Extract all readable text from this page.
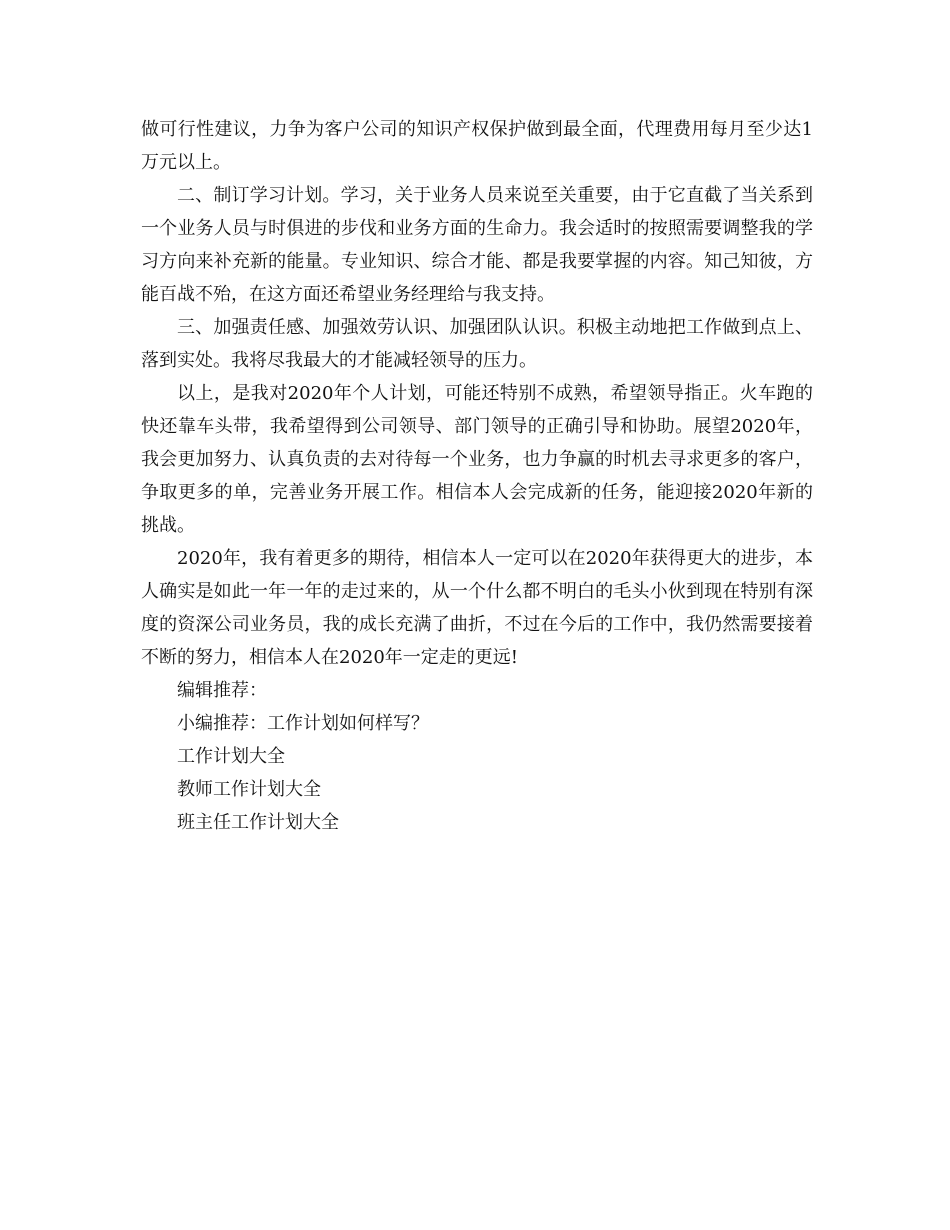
做可行性建议，力争为客户公司的知识产权保护做到最全面，代理费用每月至少达1万元以上。

二、制订学习计划。学习，关于业务人员来说至关重要，由于它直截了当关系到一个业务人员与时俱进的步伐和业务方面的生命力。我会适时的按照需要调整我的学习方向来补充新的能量。专业知识、综合才能、都是我要掌握的内容。知己知彼，方能百战不殆，在这方面还希望业务经理给与我支持。

三、加强责任感、加强效劳认识、加强团队认识。积极主动地把工作做到点上、落到实处。我将尽我最大的才能减轻领导的压力。

以上，是我对2020年个人计划，可能还特别不成熟，希望领导指正。火车跑的快还靠车头带，我希望得到公司领导、部门领导的正确引导和协助。展望2020年，我会更加努力、认真负责的去对待每一个业务，也力争赢的时机去寻求更多的客户，争取更多的单，完善业务开展工作。相信本人会完成新的任务，能迎接2020年新的挑战。

2020年，我有着更多的期待，相信本人一定可以在2020年获得更大的进步，本人确实是如此一年一年的走过来的，从一个什么都不明白的毛头小伙到现在特别有深度的资深公司业务员，我的成长充满了曲折，不过在今后的工作中，我仍然需要接着不断的努力，相信本人在2020年一定走的更远!

编辑推荐：

小编推荐：工作计划如何样写？

工作计划大全

教师工作计划大全

班主任工作计划大全
